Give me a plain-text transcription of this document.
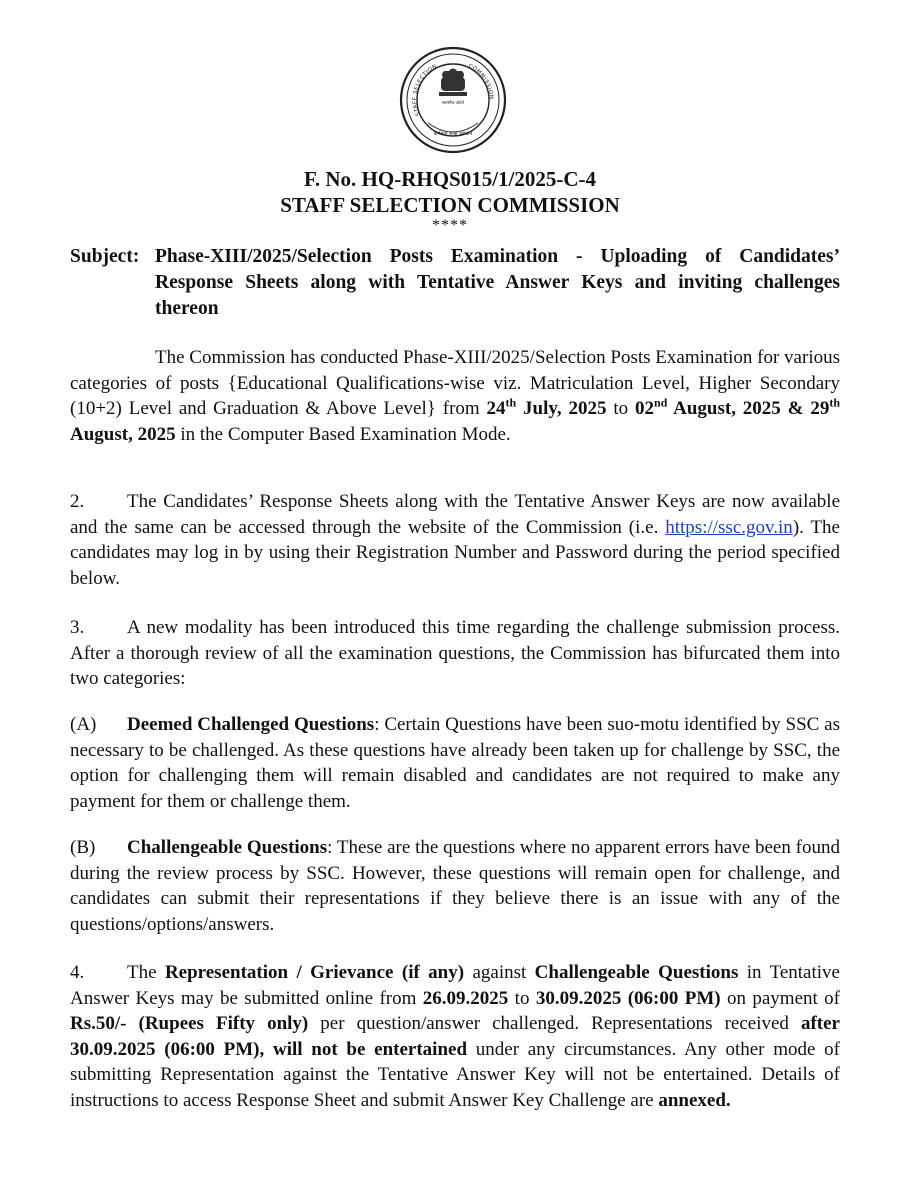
STAFF SELECTION	COMMISSION
सत्यमेव जयते
कर्मठता साक्ष अवदान
F. No. HQ-RHQS015/1/2025-C-4
STAFF SELECTION COMMISSION
****
Subject: Phase-XIII/2025/Selection Posts Examination - Uploading of Candidates’ Response Sheets along with Tentative Answer Keys and inviting challenges thereon
The Commission has conducted Phase-XIII/2025/Selection Posts Examination for various categories of posts {Educational Qualifications-wise viz. Matriculation Level, Higher Secondary (10+2) Level and Graduation & Above Level} from 24th July, 2025 to 02nd August, 2025 & 29th August, 2025 in the Computer Based Examination Mode.
2. The Candidates’ Response Sheets along with the Tentative Answer Keys are now available and the same can be accessed through the website of the Commission (i.e. https://ssc.gov.in). The candidates may log in by using their Registration Number and Password during the period specified below.
3. A new modality has been introduced this time regarding the challenge submission process. After a thorough review of all the examination questions, the Commission has bifurcated them into two categories:
(A) Deemed Challenged Questions: Certain Questions have been suo-motu identified by SSC as necessary to be challenged. As these questions have already been taken up for challenge by SSC, the option for challenging them will remain disabled and candidates are not required to make any payment for them or challenge them.
(B) Challengeable Questions: These are the questions where no apparent errors have been found during the review process by SSC. However, these questions will remain open for challenge, and candidates can submit their representations if they believe there is an issue with any of the questions/options/answers.
4. The Representation / Grievance (if any) against Challengeable Questions in Tentative Answer Keys may be submitted online from 26.09.2025 to 30.09.2025 (06:00 PM) on payment of Rs.50/- (Rupees Fifty only) per question/answer challenged. Representations received after 30.09.2025 (06:00 PM), will not be entertained under any circumstances. Any other mode of submitting Representation against the Tentative Answer Key will not be entertained. Details of instructions to access Response Sheet and submit Answer Key Challenge are annexed.
